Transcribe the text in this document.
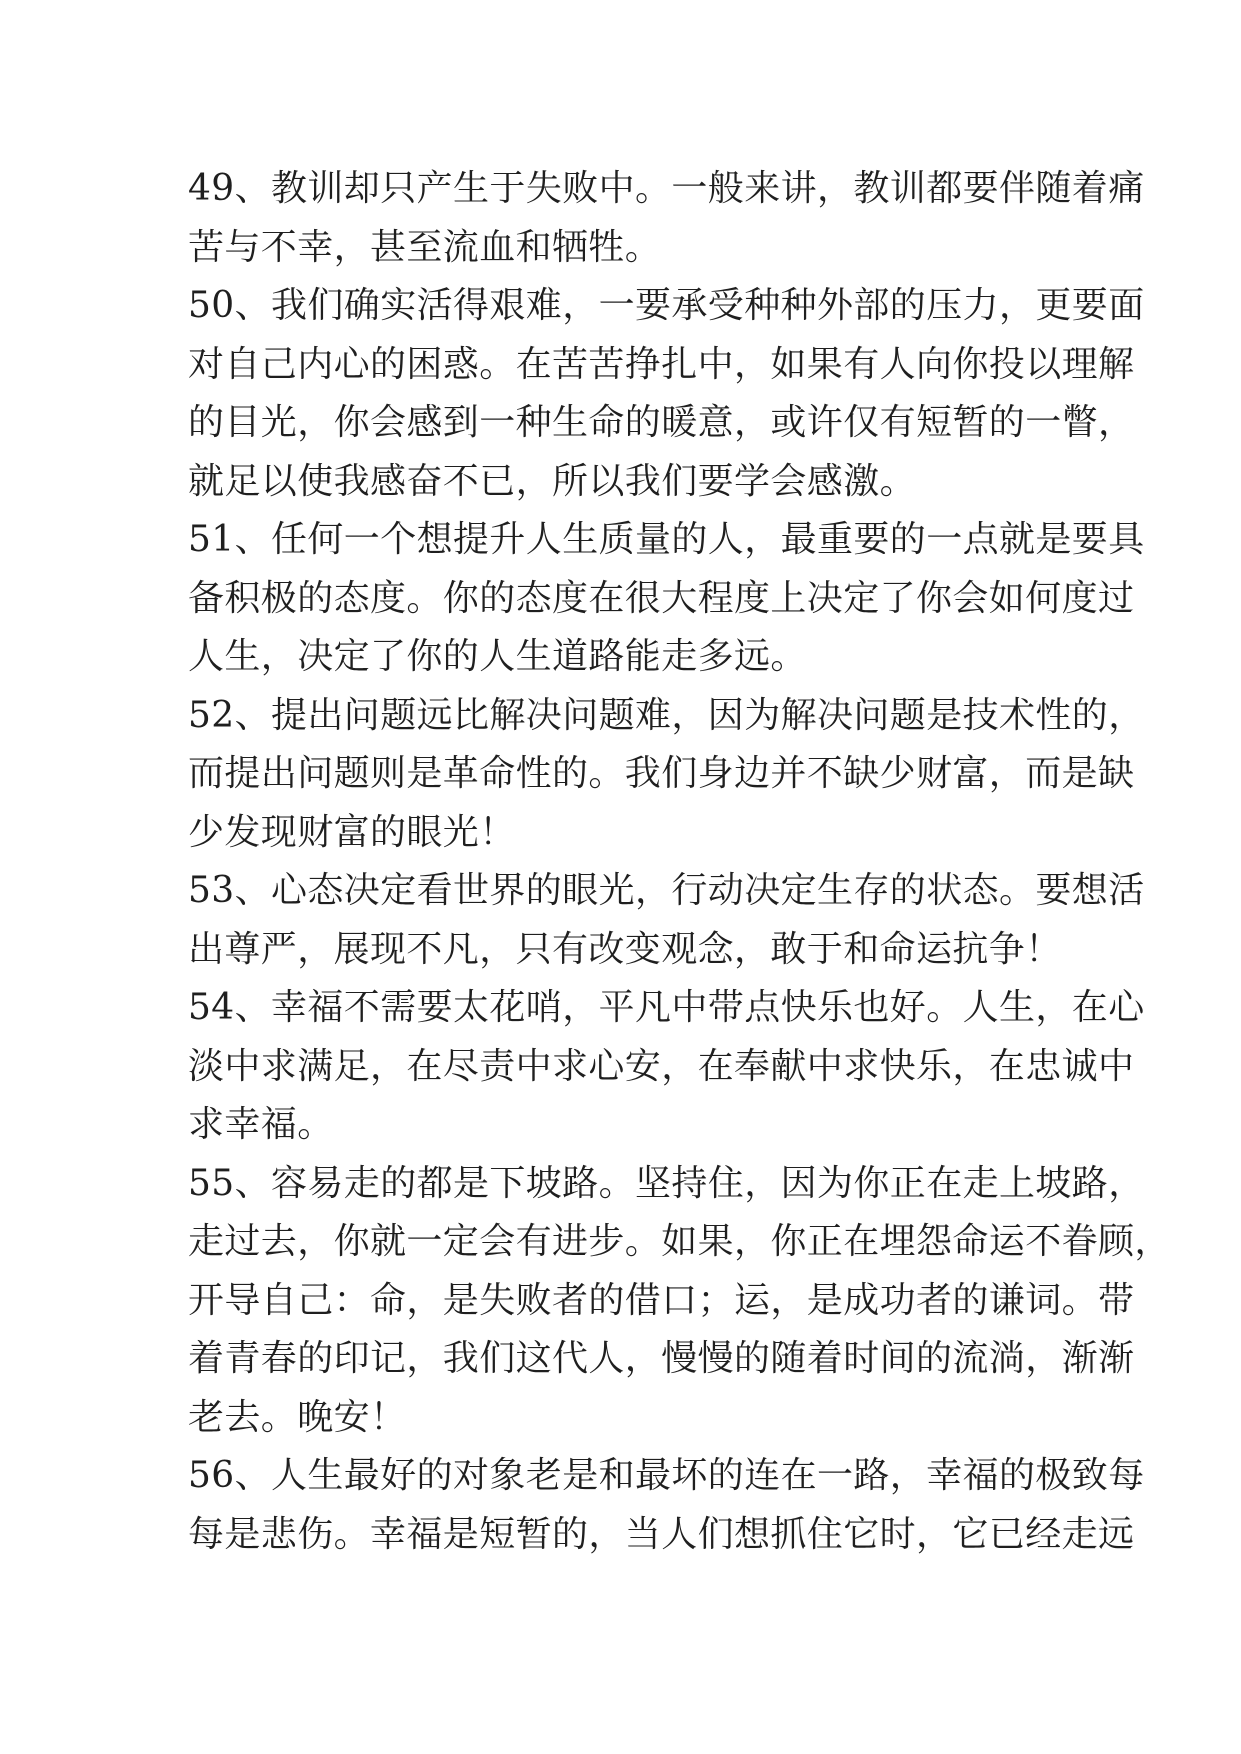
49、教训却只产生于失败中。一般来讲，教训都要伴随着痛
苦与不幸，甚至流血和牺牲。
50、我们确实活得艰难，一要承受种种外部的压力，更要面
对自己内心的困惑。在苦苦挣扎中，如果有人向你投以理解
的目光，你会感到一种生命的暖意，或许仅有短暂的一瞥，
就足以使我感奋不已，所以我们要学会感激。
51、任何一个想提升人生质量的人，最重要的一点就是要具
备积极的态度。你的态度在很大程度上决定了你会如何度过
人生，决定了你的人生道路能走多远。
52、提出问题远比解决问题难，因为解决问题是技术性的，
而提出问题则是革命性的。我们身边并不缺少财富，而是缺
少发现财富的眼光！
53、心态决定看世界的眼光，行动决定生存的状态。要想活
出尊严，展现不凡，只有改变观念，敢于和命运抗争！
54、幸福不需要太花哨，平凡中带点快乐也好。人生，在心
淡中求满足，在尽责中求心安，在奉献中求快乐，在忠诚中
求幸福。
55、容易走的都是下坡路。坚持住，因为你正在走上坡路，
走过去，你就一定会有进步。如果，你正在埋怨命运不眷顾，
开导自己：命，是失败者的借口；运，是成功者的谦词。带
着青春的印记，我们这代人，慢慢的随着时间的流淌，渐渐
老去。晚安！
56、人生最好的对象老是和最坏的连在一路，幸福的极致每
每是悲伤。幸福是短暂的，当人们想抓住它时，它已经走远
